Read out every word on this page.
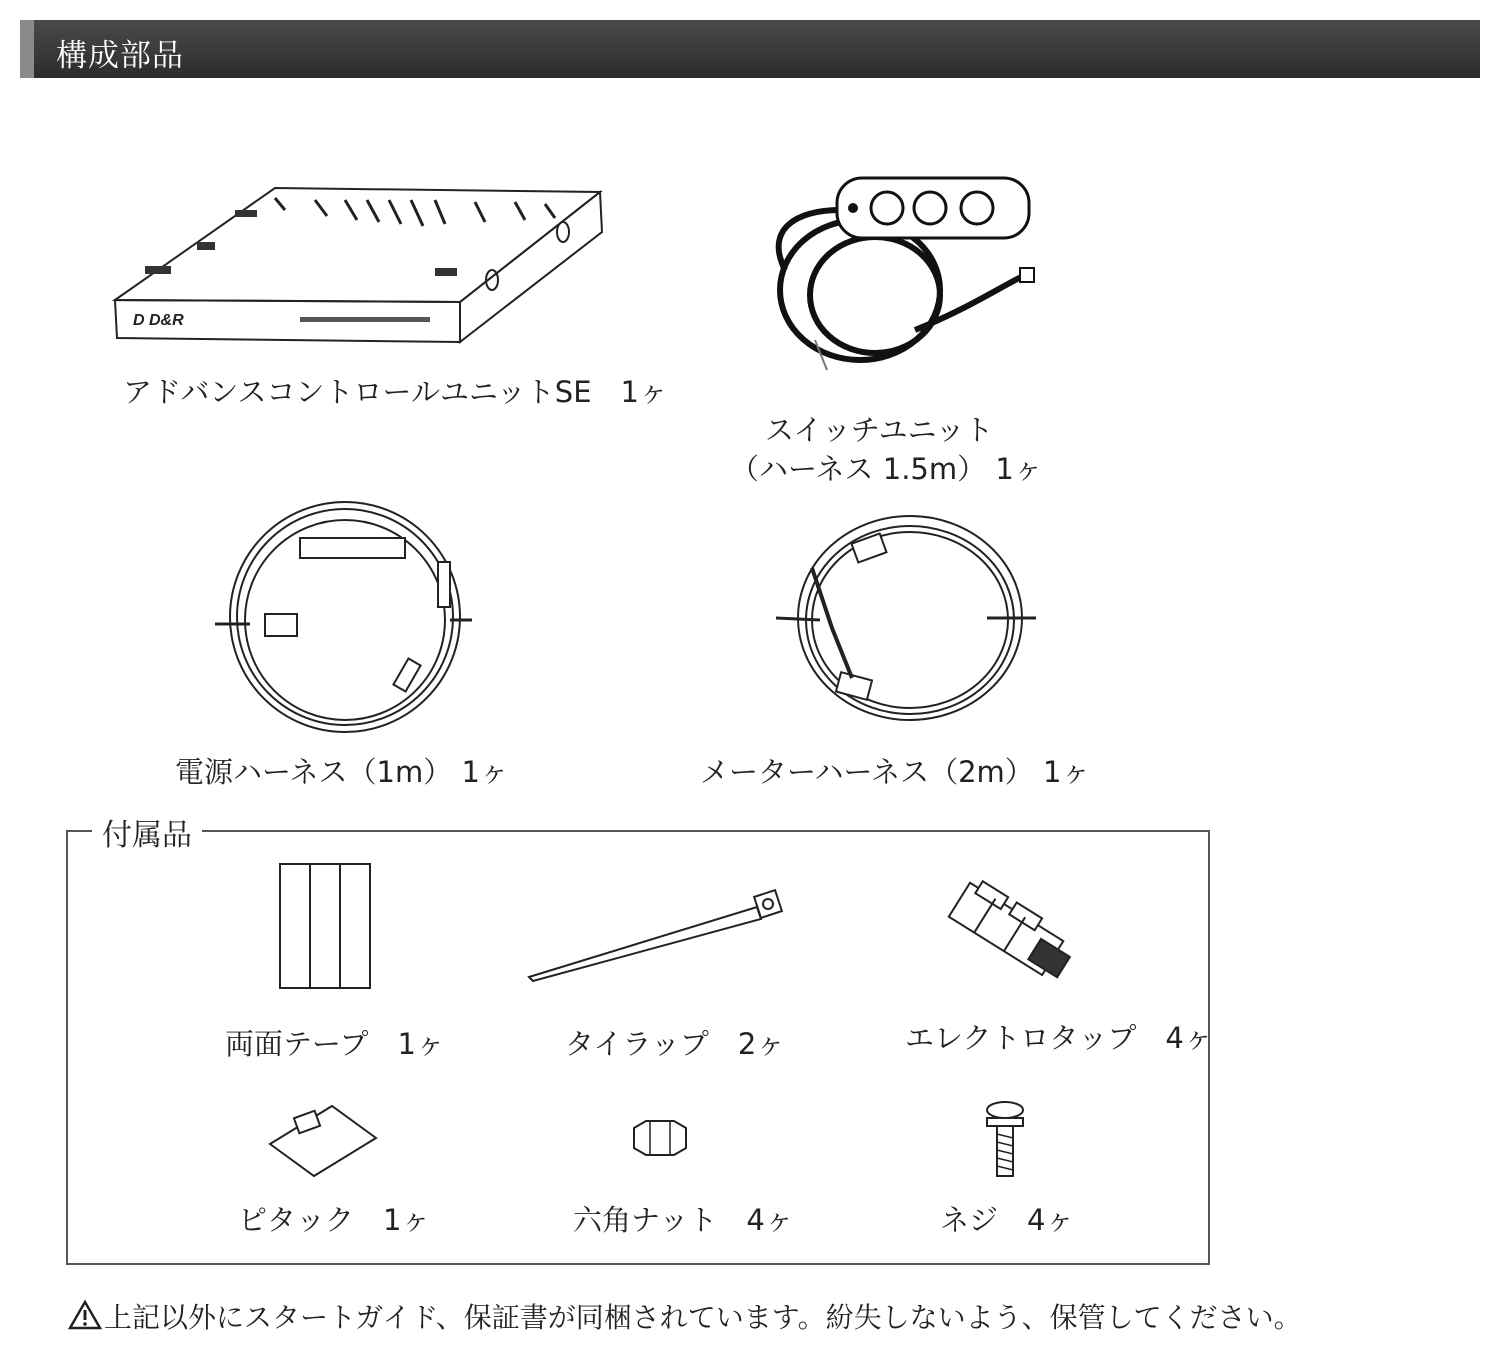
構成部品
D D&R
アドバンスコントロールユニットSE　1ヶ
スイッチユニット
（ハーネス 1.5m） 1ヶ
電源ハーネス（1m） 1ヶ	メーターハーネス（2m） 1ヶ
付属品
両面テープ　1ヶ	タイラップ　2ヶ	エレクトロタップ　4ヶ
ピタック　1ヶ	六角ナット　4ヶ	ネジ　4ヶ
上記以外にスタートガイド、保証書が同梱されています。紛失しないよう、保管してください。
